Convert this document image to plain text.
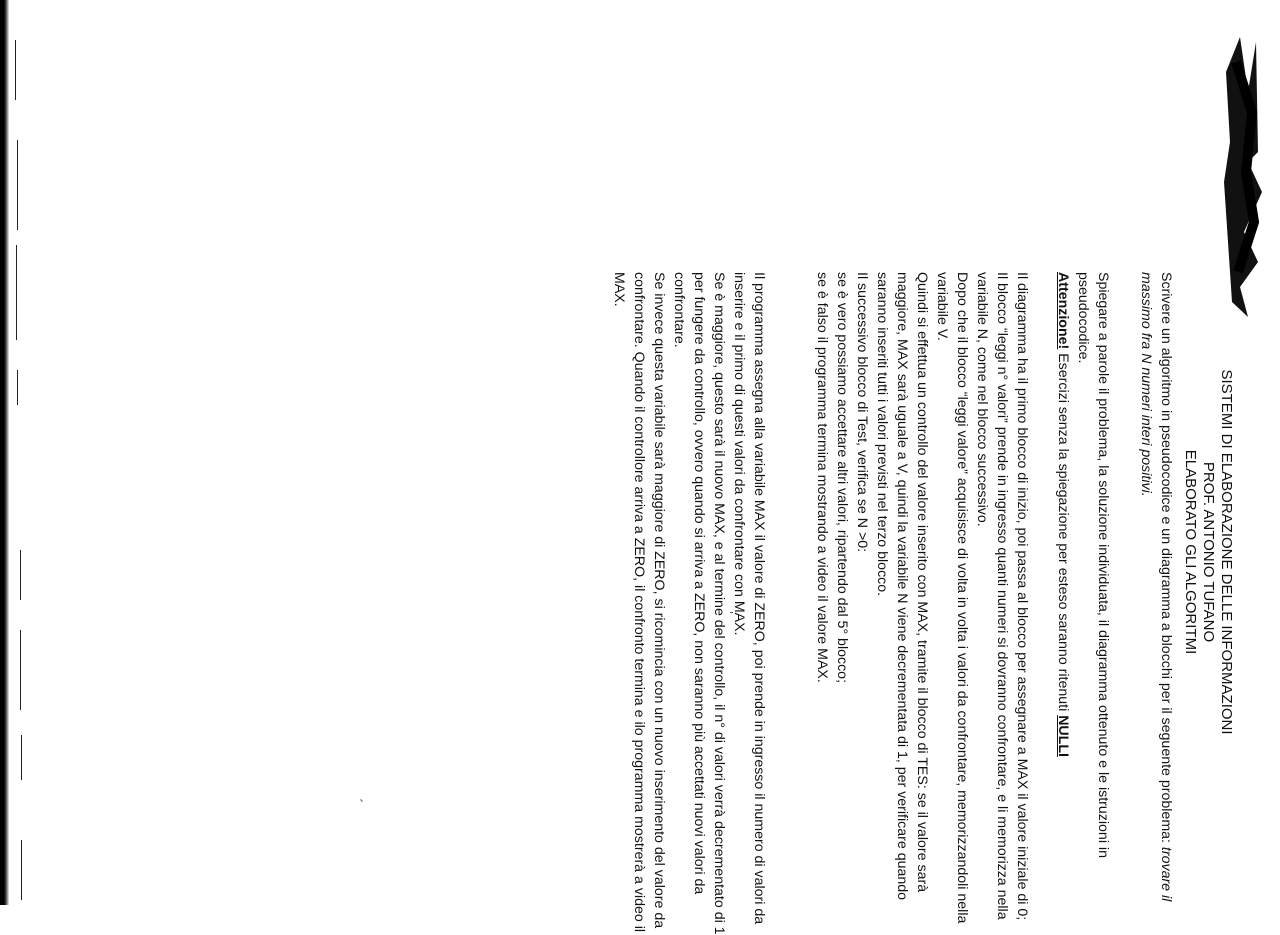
SISTEMI DI ELABORAZIONE DELLE INFORMAZIONI

PROF. ANTONIO TUFANO

ELABORATO GLI ALGORITMI

Scrivere un algoritmo in pseudocodice e un diagramma a blocchi per il seguente problema: trovare il
massimo fra N numeri interi positivi.
Spiegare a parole il problema, la soluzione individuata, il diagramma ottenuto e le istruzioni in
pseudocodice.
Attenzione! Esercizi senza la spiegazione per esteso saranno ritenuti NULLI
Il diagramma ha il primo blocco di inizio, poi passa al blocco per assegnare a MAX il valore iniziale di 0;
Il blocco “leggi n° valori” prende in ingresso quanti numeri si dovranno confrontare, e li memorizza nella
variabile N, come nel blocco successivo.
Dopo che il blocco “leggi valore” acquisisce di volta in volta i valori da confrontare, memorizzandoli nella
variabile V.
Quindi si effettua un controllo del valore inserito con MAX, tramite il blocco di TES: se il valore sarà
maggiore, MAX sarà uguale a V, quindi la variabile N viene decrementata di 1, per verificare quando
saranno inseriti tutti i valori previsti nel terzo blocco.
Il successivo blocco di Test, verifica se N >0:
se è vero possiamo accettare altri valori, ripartendo dal 5° blocco;
se è falso il programma termina mostrando a video il valore MAX.
Il programma assegna alla variabile MAX il valore di ZERO, poi prende in ingresso il numero di valori da
inserire e il primo di questi valori da confrontare con MAX.
Se è maggiore, questo sarà il nuovo MAX, e al termine del controllo, il n° di valori verrà decrementato di 1
per fungere da controllo, ovvero quando si arriva a ZERO, non saranno più accettati nuovi valori da
confrontare.
Se invece questa variabile sarà maggiore di ZERO, si ricomincia con un nuovo inserimento del valore da
confrontare. Quando il controllore arriva a ZERO, il confronto termina e ilo programma mostrerà a video il
MAX.
